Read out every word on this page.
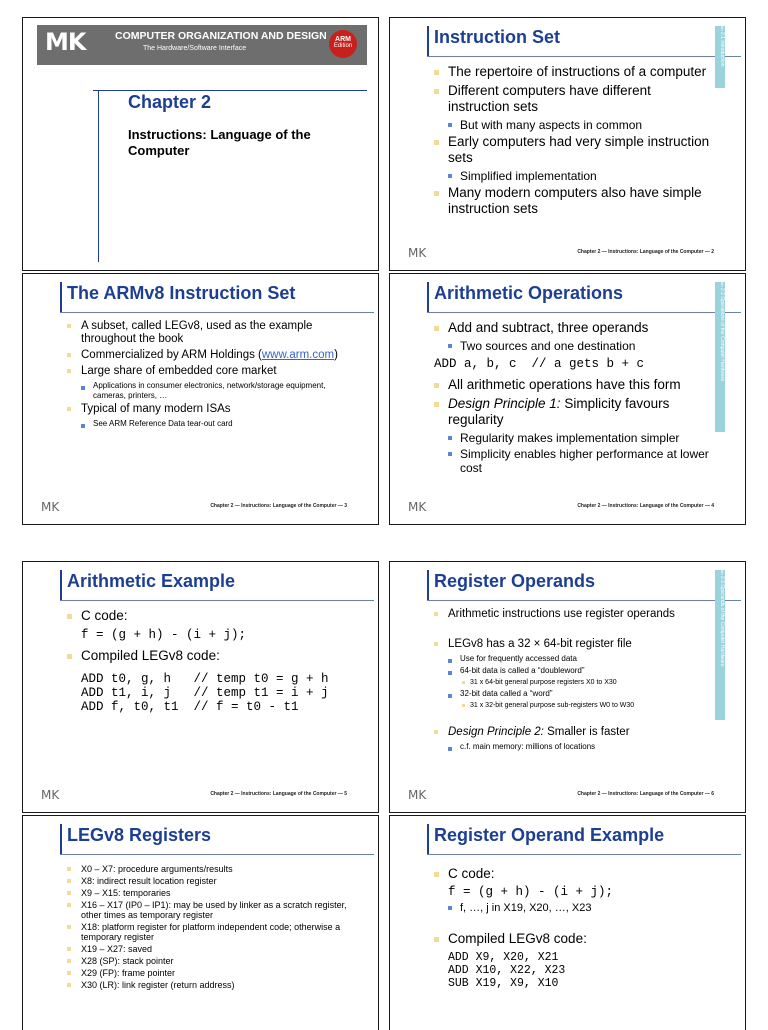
MK	COMPUTER ORGANIZATION AND DESIGN
The Hardware/Software Interface
ARM
Edition
Chapter 2
Instructions: Language of the Computer
Instruction Set	§2.1 Introduction
The repertoire of instructions of a computer
Different computers have different instruction sets
But with many aspects in common
Early computers had very simple instruction sets
Simplified implementation
Many modern computers also have simple instruction sets
MK	Chapter 2 — Instructions: Language of the Computer — 2
The ARMv8 Instruction Set
A subset, called LEGv8, used as the example throughout the book
Commercialized by ARM Holdings (www.arm.com)
Large share of embedded core market
Applications in consumer electronics, network/storage equipment, cameras, printers, …
Typical of many modern ISAs
See ARM Reference Data tear-out card
MK	Chapter 2 — Instructions: Language of the Computer — 3
Arithmetic Operations	§2.2 Operations of the Computer Hardware
Add and subtract, three operands
Two sources and one destination
ADD a, b, c  // a gets b + c
All arithmetic operations have this form
Design Principle 1: Simplicity favours regularity
Regularity makes implementation simpler
Simplicity enables higher performance at lower cost
MK	Chapter 2 — Instructions: Language of the Computer — 4
Arithmetic Example
C code:
f = (g + h) - (i + j);
Compiled LEGv8 code:
ADD t0, g, h   // temp t0 = g + h
ADD t1, i, j   // temp t1 = i + j
ADD f, t0, t1  // f = t0 - t1
MK	Chapter 2 — Instructions: Language of the Computer — 5
Register Operands	§2.3 Operands of the Computer Hardware
Arithmetic instructions use register operands
LEGv8 has a 32 × 64-bit register file
Use for frequently accessed data
64-bit data is called a “doubleword”
31 x 64-bit general purpose registers X0 to X30
32-bit data called a “word”
31 x 32-bit general purpose sub-registers W0 to W30
Design Principle 2: Smaller is faster
c.f. main memory: millions of locations
MK	Chapter 2 — Instructions: Language of the Computer — 6
LEGv8 Registers
X0 – X7: procedure arguments/results
X8: indirect result location register
X9 – X15: temporaries
X16 – X17 (IP0 – IP1): may be used by linker as a scratch register, other times as temporary register
X18: platform register for platform independent code; otherwise a temporary register
X19 – X27: saved
X28 (SP): stack pointer
X29 (FP): frame pointer
X30 (LR): link register (return address)
Register Operand Example
C code:
f = (g + h) - (i + j);
f, …, j in X19, X20, …, X23
Compiled LEGv8 code:
ADD X9, X20, X21
ADD X10, X22, X23
SUB X19, X9, X10
